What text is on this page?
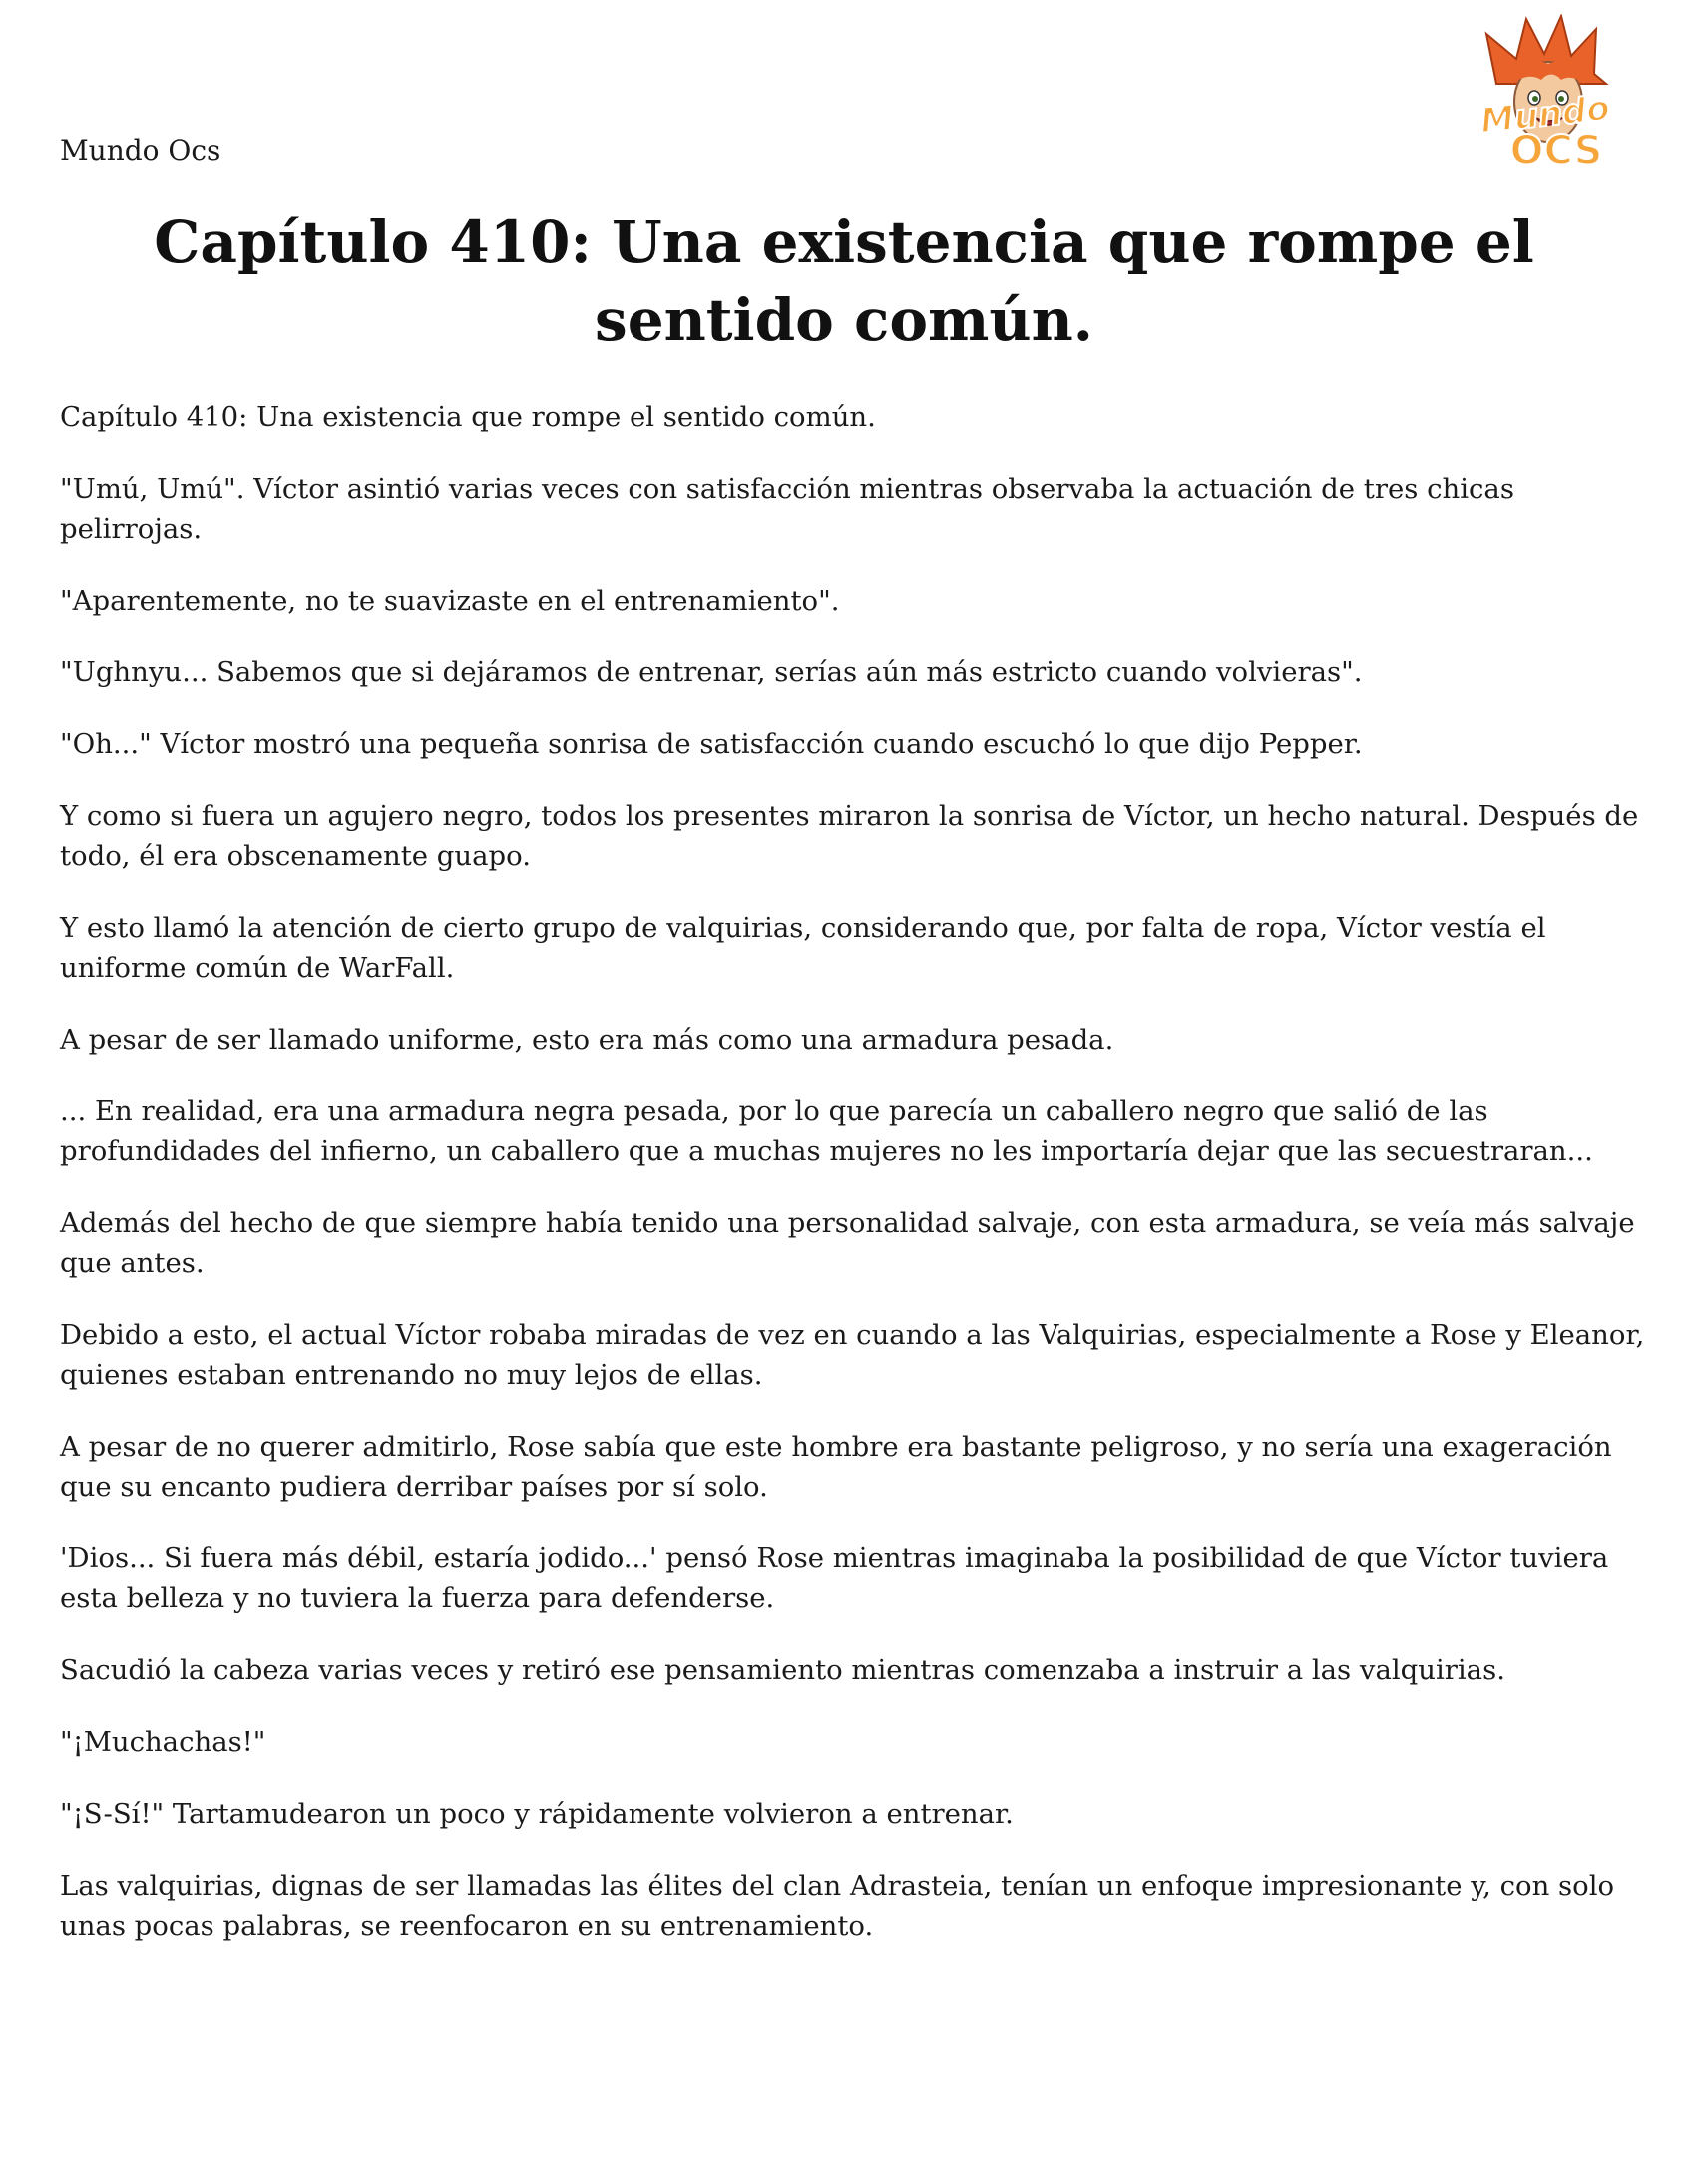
Mundo Ocs

Mundo
OCS
Capítulo 410: Una existencia que rompe el sentido común.

Capítulo 410: Una existencia que rompe el sentido común.

"Umú, Umú". Víctor asintió varias veces con satisfacción mientras observaba la actuación de tres chicas pelirrojas.

"Aparentemente, no te suavizaste en el entrenamiento".

"Ughnyu... Sabemos que si dejáramos de entrenar, serías aún más estricto cuando volvieras".

"Oh..." Víctor mostró una pequeña sonrisa de satisfacción cuando escuchó lo que dijo Pepper.

Y como si fuera un agujero negro, todos los presentes miraron la sonrisa de Víctor, un hecho natural. Después de todo, él era obscenamente guapo.

Y esto llamó la atención de cierto grupo de valquirias, considerando que, por falta de ropa, Víctor vestía el uniforme común de WarFall.

A pesar de ser llamado uniforme, esto era más como una armadura pesada.

... En realidad, era una armadura negra pesada, por lo que parecía un caballero negro que salió de las profundidades del infierno, un caballero que a muchas mujeres no les importaría dejar que las secuestraran...

Además del hecho de que siempre había tenido una personalidad salvaje, con esta armadura, se veía más salvaje que antes.

Debido a esto, el actual Víctor robaba miradas de vez en cuando a las Valquirias, especialmente a Rose y Eleanor, quienes estaban entrenando no muy lejos de ellas.

A pesar de no querer admitirlo, Rose sabía que este hombre era bastante peligroso, y no sería una exageración que su encanto pudiera derribar países por sí solo.

'Dios... Si fuera más débil, estaría jodido...' pensó Rose mientras imaginaba la posibilidad de que Víctor tuviera esta belleza y no tuviera la fuerza para defenderse.

Sacudió la cabeza varias veces y retiró ese pensamiento mientras comenzaba a instruir a las valquirias.

"¡Muchachas!"

"¡S-Sí!" Tartamudearon un poco y rápidamente volvieron a entrenar.

Las valquirias, dignas de ser llamadas las élites del clan Adrasteia, tenían un enfoque impresionante y, con solo unas pocas palabras, se reenfocaron en su entrenamiento.
